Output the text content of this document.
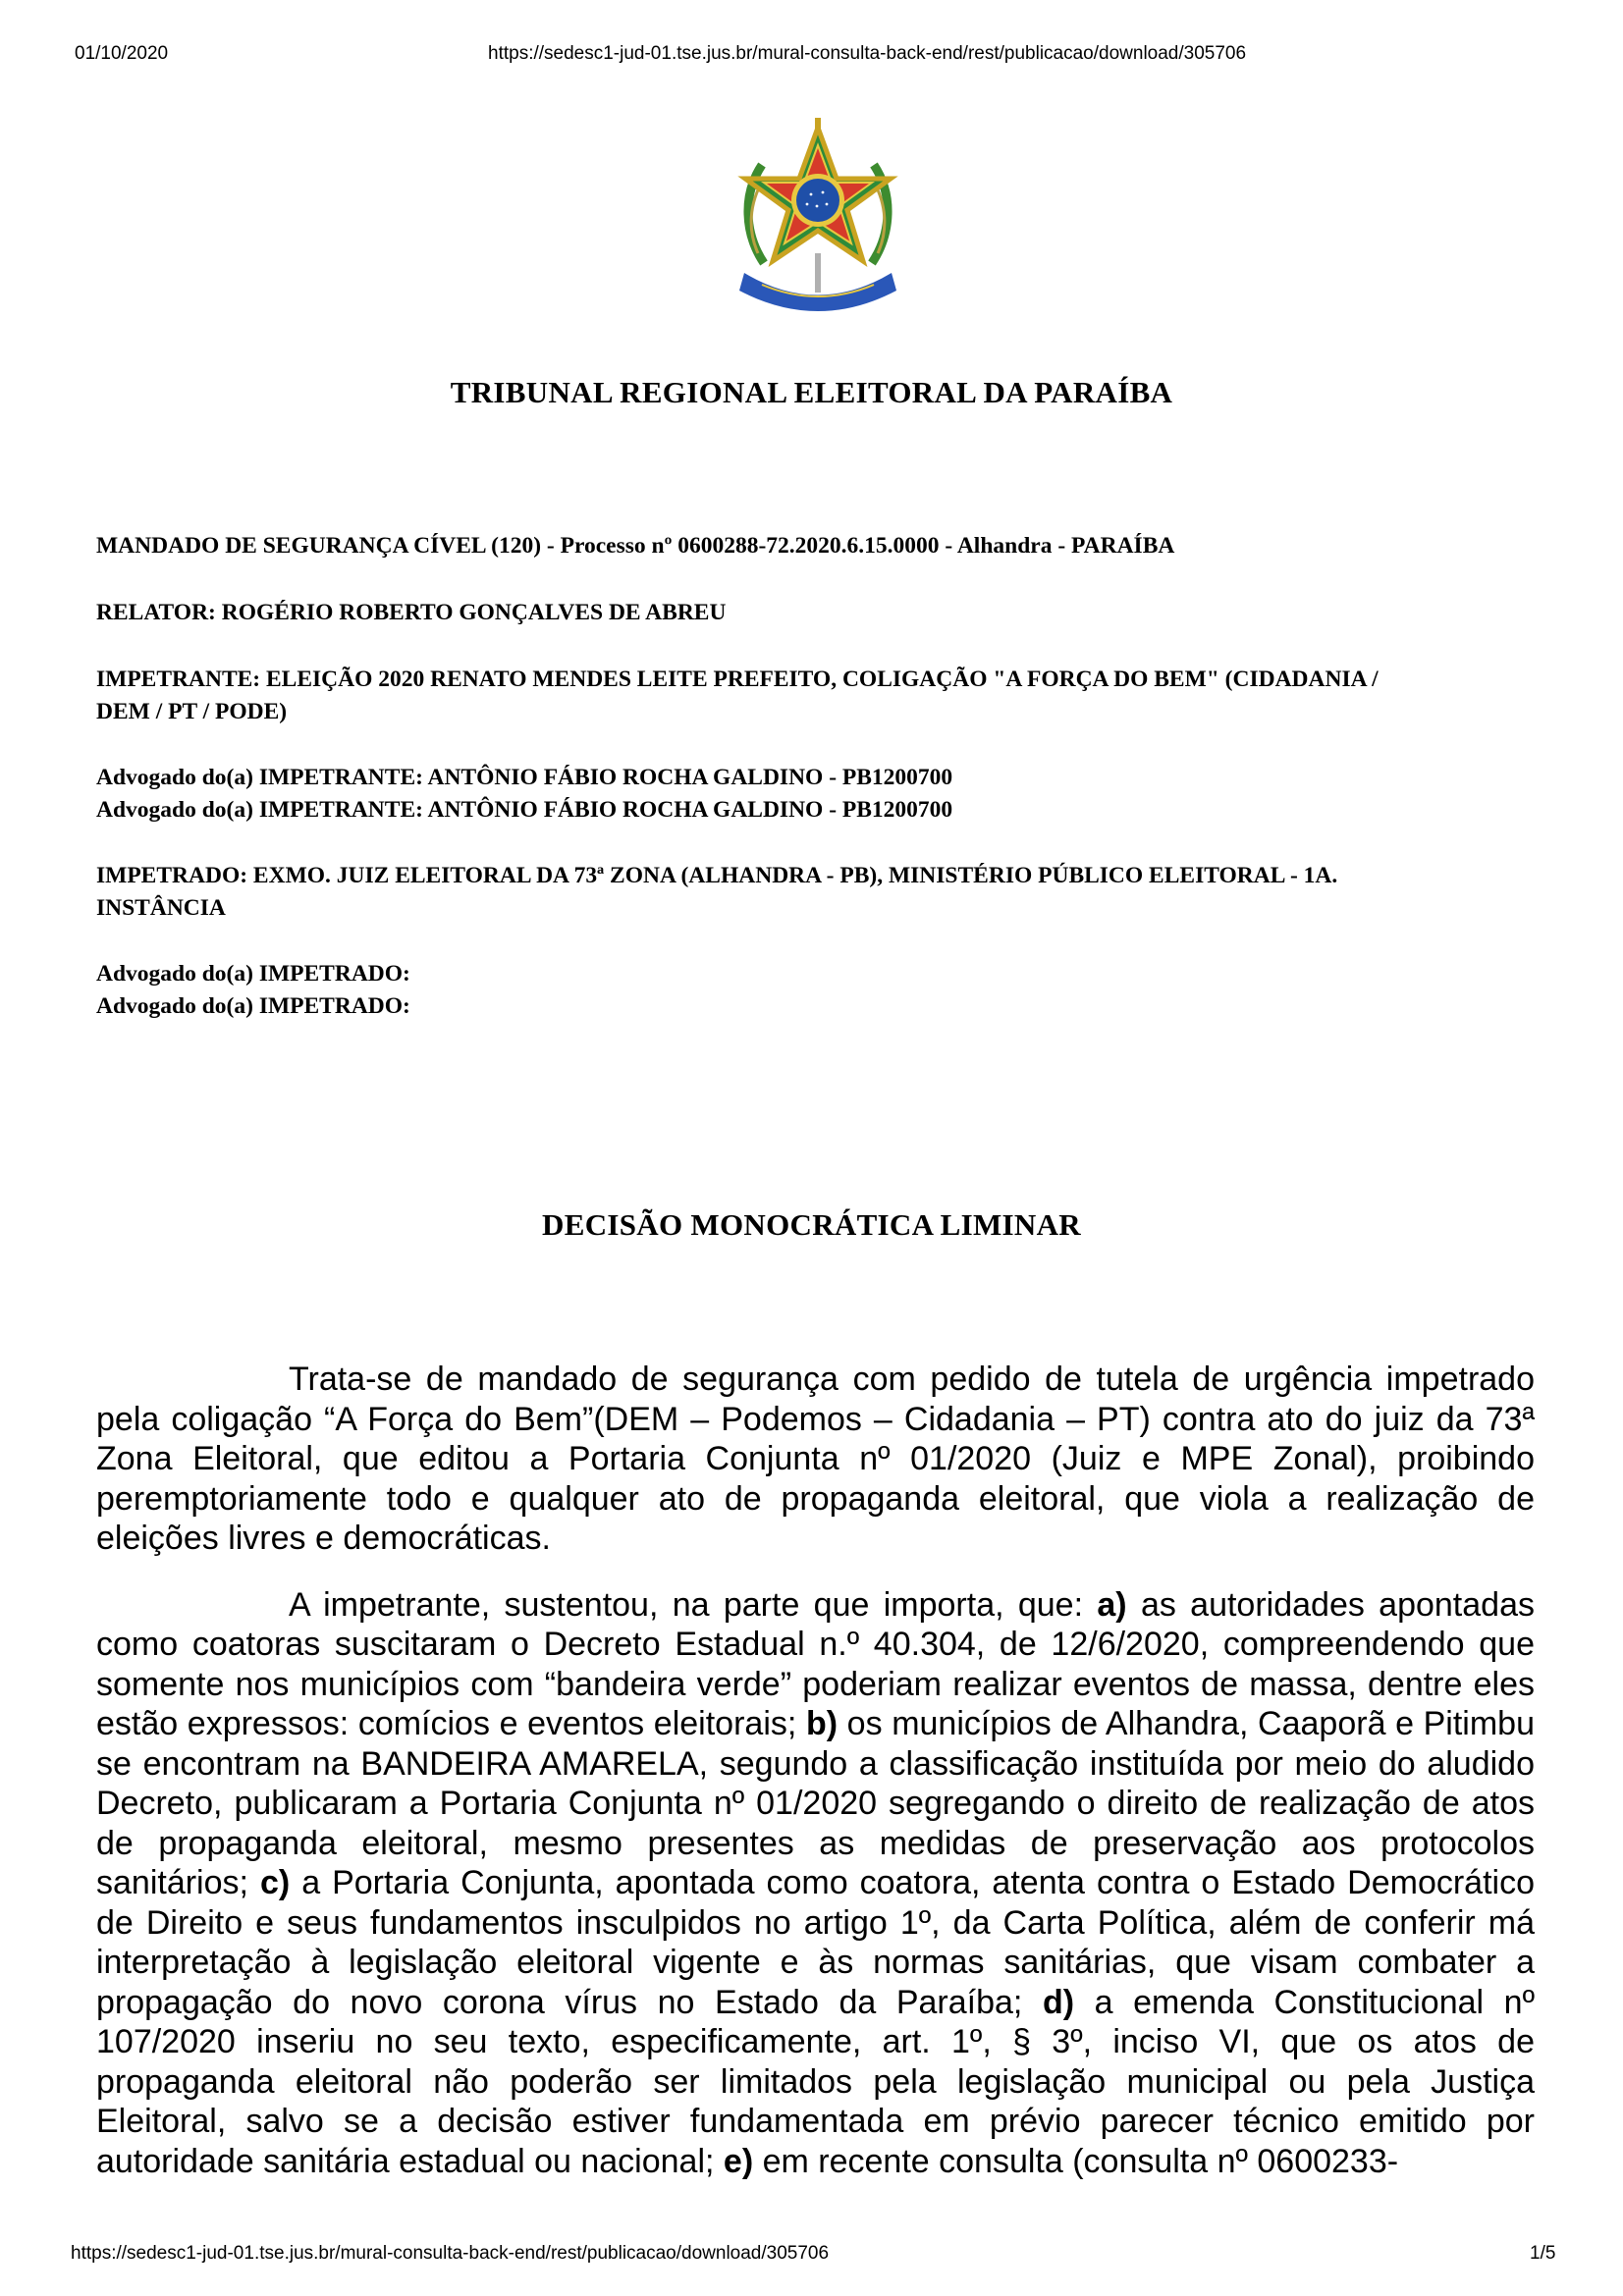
01/10/2020	https://sedesc1-jud-01.tse.jus.br/mural-consulta-back-end/rest/publicacao/download/305706
TRIBUNAL REGIONAL ELEITORAL DA PARAÍBA
MANDADO DE SEGURANÇA CÍVEL (120) - Processo nº 0600288-72.2020.6.15.0000 - Alhandra - PARAÍBA
RELATOR: ROGÉRIO ROBERTO GONÇALVES DE ABREU
IMPETRANTE: ELEIÇÃO 2020 RENATO MENDES LEITE PREFEITO, COLIGAÇÃO "A FORÇA DO BEM" (CIDADANIA /
DEM / PT / PODE)
Advogado do(a) IMPETRANTE: ANTÔNIO FÁBIO ROCHA GALDINO - PB1200700
Advogado do(a) IMPETRANTE: ANTÔNIO FÁBIO ROCHA GALDINO - PB1200700
IMPETRADO: EXMO. JUIZ ELEITORAL DA 73ª ZONA (ALHANDRA - PB), MINISTÉRIO PÚBLICO ELEITORAL - 1A.
INSTÂNCIA
Advogado do(a) IMPETRADO:
Advogado do(a) IMPETRADO:
DECISÃO MONOCRÁTICA LIMINAR

Trata-se de mandado de segurança com pedido de tutela de urgência impetrado pela coligação “A Força do Bem”(DEM – Podemos – Cidadania – PT) contra ato do juiz da 73ª Zona Eleitoral, que editou a Portaria Conjunta nº 01/2020 (Juiz e MPE Zonal), proibindo peremptoriamente todo e qualquer ato de propaganda eleitoral, que viola a realização de eleições livres e democráticas.

A impetrante, sustentou, na parte que importa, que: a) as autoridades apontadas como coatoras suscitaram o Decreto Estadual n.º 40.304, de 12/6/2020, compreendendo que somente nos municípios com “bandeira verde” poderiam realizar eventos de massa, dentre eles estão expressos: comícios e eventos eleitorais; b) os municípios de Alhandra, Caaporã e Pitimbu se encontram na BANDEIRA AMARELA, segundo a classificação instituída por meio do aludido Decreto, publicaram a Portaria Conjunta nº 01/2020 segregando o direito de realização de atos de propaganda eleitoral, mesmo presentes as medidas de preservação aos protocolos sanitários; c) a Portaria Conjunta, apontada como coatora, atenta contra o Estado Democrático de Direito e seus fundamentos insculpidos no artigo 1º, da Carta Política, além de conferir má interpretação à legislação eleitoral vigente e às normas sanitárias, que visam combater a propagação do novo corona vírus no Estado da Paraíba; d) a emenda Constitucional nº 107/2020 inseriu no seu texto, especificamente, art. 1º, § 3º, inciso VI, que os atos de propaganda eleitoral não poderão ser limitados pela legislação municipal ou pela Justiça Eleitoral, salvo se a decisão estiver fundamentada em prévio parecer técnico emitido por autoridade sanitária estadual ou nacional; e) em recente consulta (consulta nº 0600233-

https://sedesc1-jud-01.tse.jus.br/mural-consulta-back-end/rest/publicacao/download/305706	1/5
